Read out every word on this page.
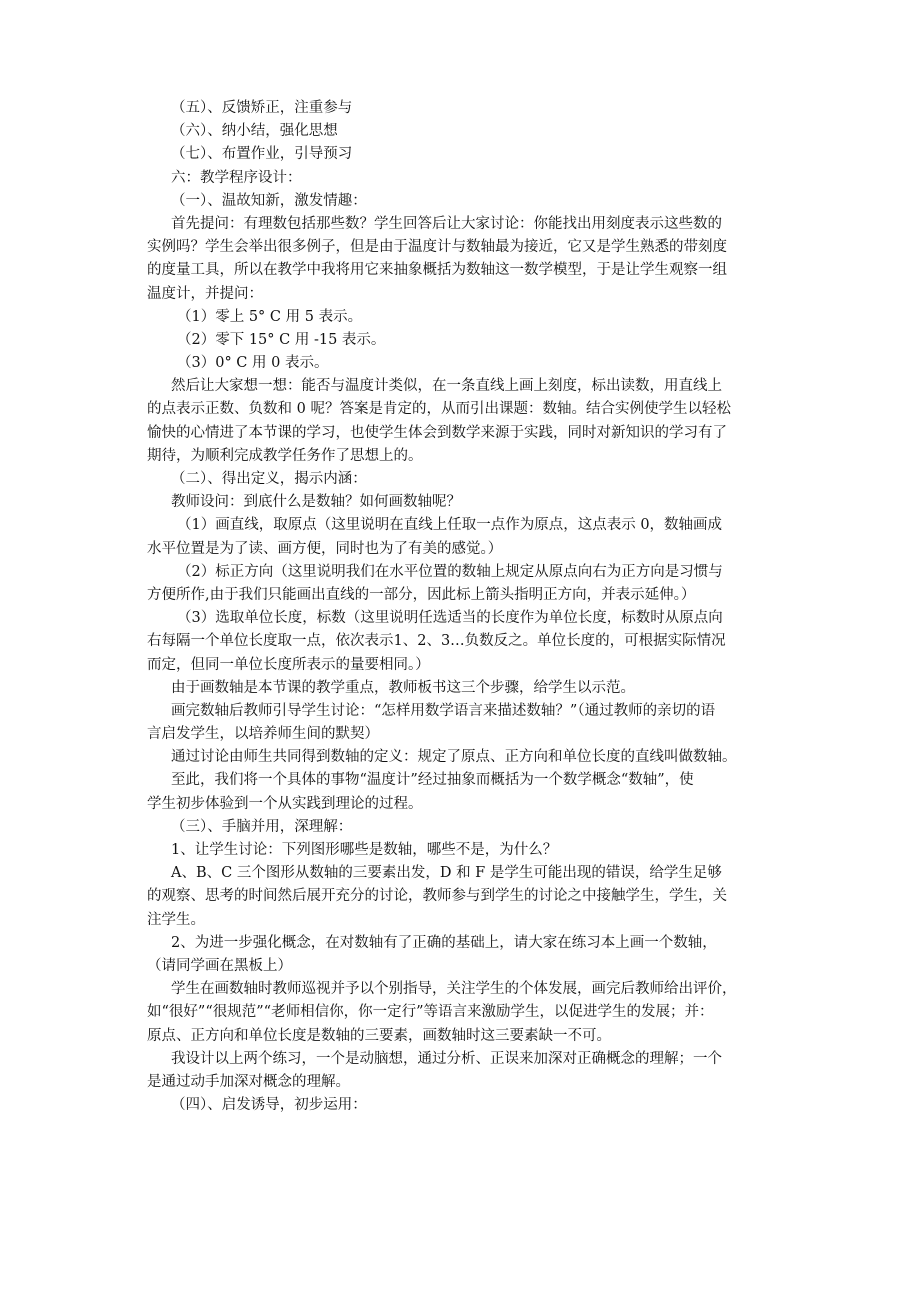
（五）、反馈矫正，注重参与
（六）、纳小结，强化思想
（七）、布置作业，引导预习
六：教学程序设计：
（一）、温故知新，激发情趣：
首先提问：有理数包括那些数？学生回答后让大家讨论：你能找出用刻度表示这些数的
实例吗？学生会举出很多例子，但是由于温度计与数轴最为接近，它又是学生熟悉的带刻度
的度量工具，所以在教学中我将用它来抽象概括为数轴这一数学模型，于是让学生观察一组
温度计，并提问：
（1）零上 5° C 用 5 表示。
（2）零下 15° C 用 -15 表示。
（3）0° C 用 0 表示。
然后让大家想一想：能否与温度计类似，在一条直线上画上刻度，标出读数，用直线上
的点表示正数、负数和 0 呢？答案是肯定的，从而引出课题：数轴。结合实例使学生以轻松
愉快的心情进了本节课的学习，也使学生体会到数学来源于实践，同时对新知识的学习有了
期待，为顺利完成教学任务作了思想上的。
（二）、得出定义，揭示内涵：
教师设问：到底什么是数轴？如何画数轴呢？
（1）画直线，取原点（这里说明在直线上任取一点作为原点，这点表示 0，数轴画成
水平位置是为了读、画方便，同时也为了有美的感觉。）
（2）标正方向（这里说明我们在水平位置的数轴上规定从原点向右为正方向是习惯与
方便所作,由于我们只能画出直线的一部分，因此标上箭头指明正方向，并表示延伸。）
（3）选取单位长度，标数（这里说明任选适当的长度作为单位长度，标数时从原点向
右每隔一个单位长度取一点，依次表示1、2、3…负数反之。单位长度的，可根据实际情况
而定，但同一单位长度所表示的量要相同。）
由于画数轴是本节课的教学重点，教师板书这三个步骤，给学生以示范。
画完数轴后教师引导学生讨论：“怎样用数学语言来描述数轴？”（通过教师的亲切的语
言启发学生，以培养师生间的默契）
通过讨论由师生共同得到数轴的定义：规定了原点、正方向和单位长度的直线叫做数轴。
至此，我们将一个具体的事物“温度计”经过抽象而概括为一个数学概念“数轴”，使
学生初步体验到一个从实践到理论的过程。
（三）、手脑并用，深理解：
1、让学生讨论：下列图形哪些是数轴，哪些不是，为什么？
A、B、C 三个图形从数轴的三要素出发，D 和 F 是学生可能出现的错误，给学生足够
的观察、思考的时间然后展开充分的讨论，教师参与到学生的讨论之中接触学生，学生，关
注学生。
2、为进一步强化概念，在对数轴有了正确的基础上，请大家在练习本上画一个数轴，
（请同学画在黑板上）
学生在画数轴时教师巡视并予以个别指导，关注学生的个体发展，画完后教师给出评价，
如“很好”“很规范”“老师相信你，你一定行”等语言来激励学生，以促进学生的发展；并：
原点、正方向和单位长度是数轴的三要素，画数轴时这三要素缺一不可。
我设计以上两个练习，一个是动脑想，通过分析、正误来加深对正确概念的理解；一个
是通过动手加深对概念的理解。
（四）、启发诱导，初步运用：
